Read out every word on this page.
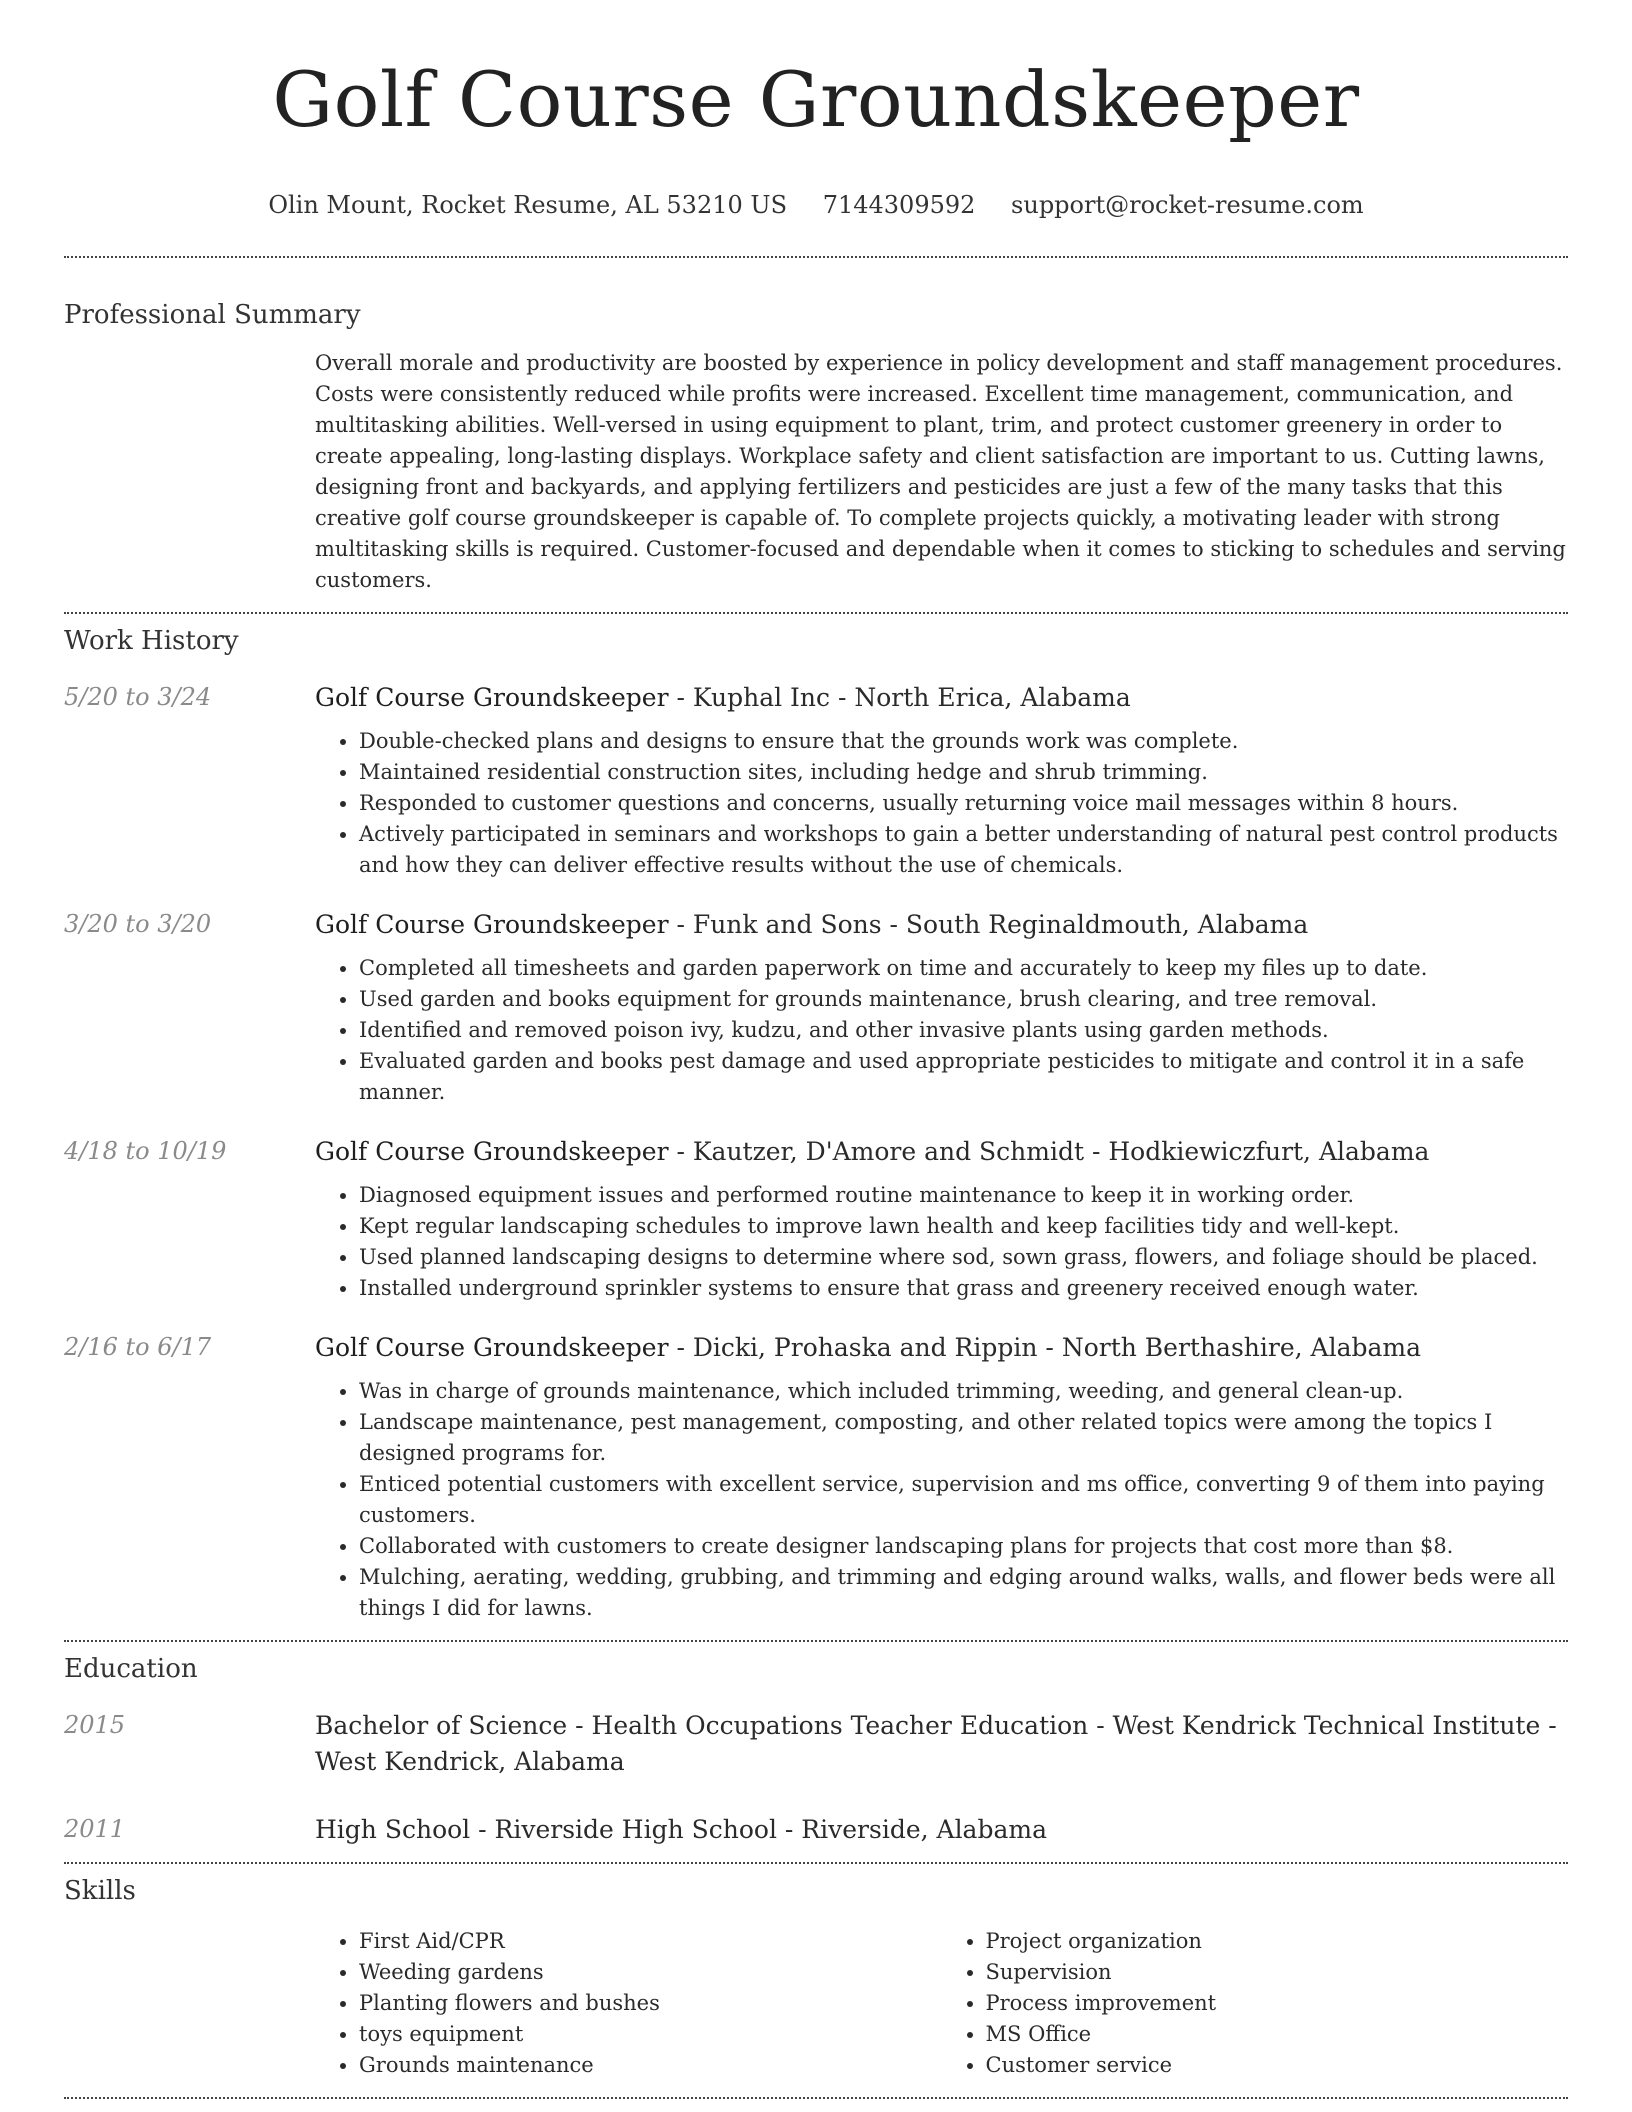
Golf Course Groundskeeper
Olin Mount, Rocket Resume, AL 53210 US 7144309592 support@rocket-resume.com
Professional Summary

Overall morale and productivity are boosted by experience in policy development and staff management procedures. Costs were consistently reduced while profits were increased. Excellent time management, communication, and multitasking abilities. Well-versed in using equipment to plant, trim, and protect customer greenery in order to create appealing, long-lasting displays. Workplace safety and client satisfaction are important to us. Cutting lawns, designing front and backyards, and applying fertilizers and pesticides are just a few of the many tasks that this creative golf course groundskeeper is capable of. To complete projects quickly, a motivating leader with strong multitasking skills is required. Customer-focused and dependable when it comes to sticking to schedules and serving customers.

Work History
5/20 to 3/24	Golf Course Groundskeeper - Kuphal Inc - North Erica, Alabama
• Double-checked plans and designs to ensure that the grounds work was complete.
• Maintained residential construction sites, including hedge and shrub trimming.
• Responded to customer questions and concerns, usually returning voice mail messages within 8 hours.
• Actively participated in seminars and workshops to gain a better understanding of natural pest control products and how they can deliver effective results without the use of chemicals.
3/20 to 3/20	Golf Course Groundskeeper - Funk and Sons - South Reginaldmouth, Alabama
• Completed all timesheets and garden paperwork on time and accurately to keep my files up to date.
• Used garden and books equipment for grounds maintenance, brush clearing, and tree removal.
• Identified and removed poison ivy, kudzu, and other invasive plants using garden methods.
• Evaluated garden and books pest damage and used appropriate pesticides to mitigate and control it in a safe manner.
4/18 to 10/19	Golf Course Groundskeeper - Kautzer, D'Amore and Schmidt - Hodkiewiczfurt, Alabama
• Diagnosed equipment issues and performed routine maintenance to keep it in working order.
• Kept regular landscaping schedules to improve lawn health and keep facilities tidy and well-kept.
• Used planned landscaping designs to determine where sod, sown grass, flowers, and foliage should be placed.
• Installed underground sprinkler systems to ensure that grass and greenery received enough water.
2/16 to 6/17	Golf Course Groundskeeper - Dicki, Prohaska and Rippin - North Berthashire, Alabama
• Was in charge of grounds maintenance, which included trimming, weeding, and general clean-up.
• Landscape maintenance, pest management, composting, and other related topics were among the topics I designed programs for.
• Enticed potential customers with excellent service, supervision and ms office, converting 9 of them into paying customers.
• Collaborated with customers to create designer landscaping plans for projects that cost more than $8.
• Mulching, aerating, wedding, grubbing, and trimming and edging around walks, walls, and flower beds were all things I did for lawns.
Education
2015	Bachelor of Science - Health Occupations Teacher Education - West Kendrick Technical Institute - West Kendrick, Alabama
2011	High School - Riverside High School - Riverside, Alabama
Skills
• First Aid/CPR
• Weeding gardens
• Planting flowers and bushes
• toys equipment
• Grounds maintenance
• Project organization
• Supervision
• Process improvement
• MS Office
• Customer service
